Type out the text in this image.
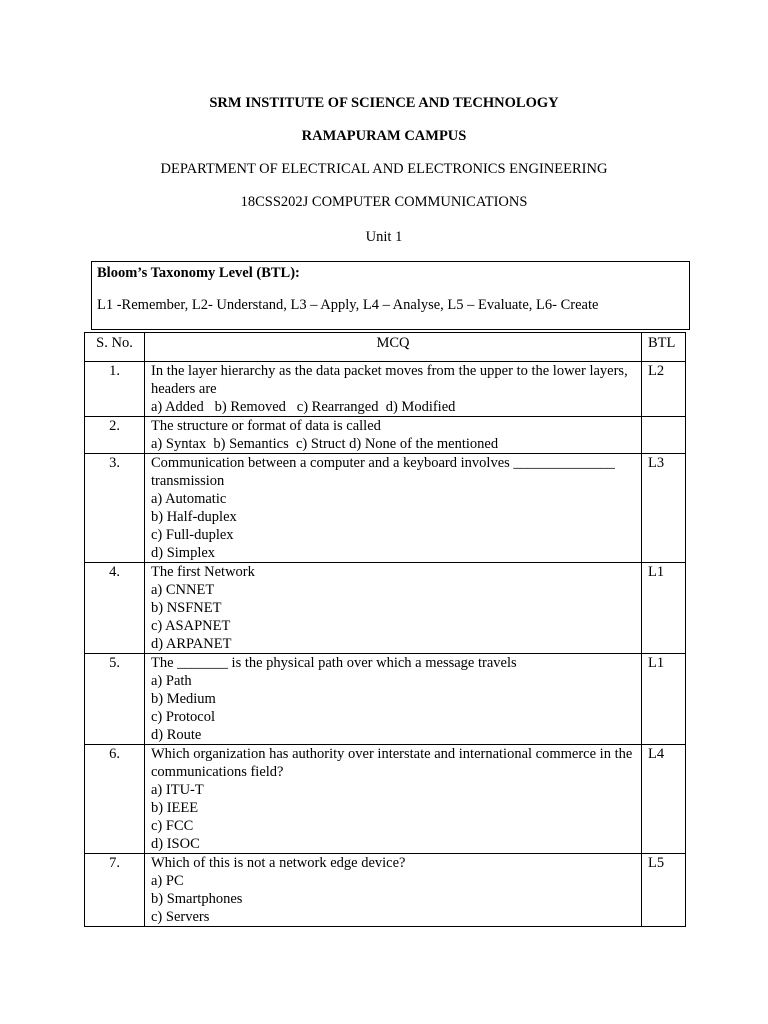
SRM INSTITUTE OF SCIENCE AND TECHNOLOGY
RAMAPURAM CAMPUS
DEPARTMENT OF ELECTRICAL AND ELECTRONICS ENGINEERING
18CSS202J COMPUTER COMMUNICATIONS
Unit 1
Bloom’s Taxonomy Level (BTL):
L1 -Remember, L2- Understand, L3 – Apply, L4 – Analyse, L5 – Evaluate, L6- Create
S. No.	MCQ	BTL
1.	In the layer hierarchy as the data packet moves from the upper to the lower layers, headers are
a) Added   b) Removed   c) Rearranged  d) Modified	L2
2.	The structure or format of data is called
a) Syntax  b) Semantics  c) Struct d) None of the mentioned	

3.	Communication between a computer and a keyboard involves ______________ transmission
a) Automatic
b) Half-duplex
c) Full-duplex
d) Simplex	L3
4.	The first Network
a) CNNET
b) NSFNET
c) ASAPNET
d) ARPANET	L1
5.	The _______ is the physical path over which a message travels
a) Path
b) Medium
c) Protocol
d) Route	L1
6.	Which organization has authority over interstate and international commerce in the communications field?
a) ITU-T
b) IEEE
c) FCC
d) ISOC	L4
7.	Which of this is not a network edge device?
a) PC
b) Smartphones
c) Servers	L5
